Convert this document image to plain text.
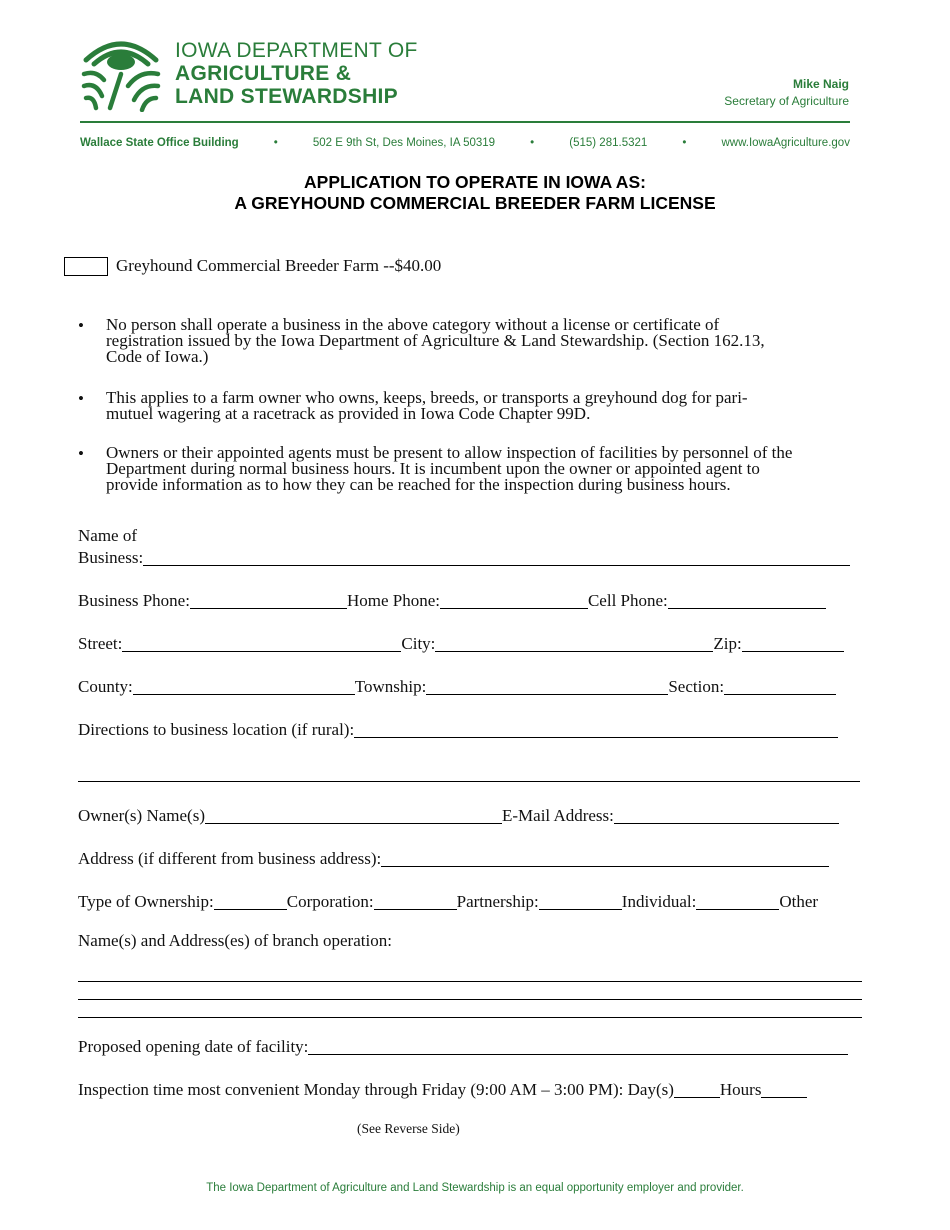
IOWA DEPARTMENT OF
AGRICULTURE &
LAND STEWARDSHIP
Mike Naig
Secretary of Agriculture
Wallace State Office Building	•	502 E 9th St, Des Moines, IA 50319	•	(515) 281.5321	•	www.IowaAgriculture.gov
APPLICATION TO OPERATE IN IOWA AS:
A GREYHOUND COMMERCIAL BREEDER FARM LICENSE
Greyhound Commercial Breeder Farm --$40.00
• No person shall operate a business in the above category without a license or certificate of
registration issued by the Iowa Department of Agriculture & Land Stewardship. (Section 162.13,
Code of Iowa.)
• This applies to a farm owner who owns, keeps, breeds, or transports a greyhound dog for pari-
mutuel wagering at a racetrack as provided in Iowa Code Chapter 99D.
• Owners or their appointed agents must be present to allow inspection of facilities by personnel of the
Department during normal business hours. It is incumbent upon the owner or appointed agent to
provide information as to how they can be reached for the inspection during business hours.
Name of
Business:
Business Phone:	Home Phone:	Cell Phone:
Street:	City:	Zip:
County:	Township:	Section:
Directions to business location (if rural):
Owner(s) Name(s)	E-Mail Address:
Address (if different from business address):
Type of Ownership:	Corporation:	Partnership:	Individual:	Other
Name(s) and Address(es) of branch operation:
Proposed opening date of facility:
Inspection time most convenient Monday through Friday (9:00 AM – 3:00 PM): Day(s)	Hours
(See Reverse Side)
The Iowa Department of Agriculture and Land Stewardship is an equal opportunity employer and provider.
